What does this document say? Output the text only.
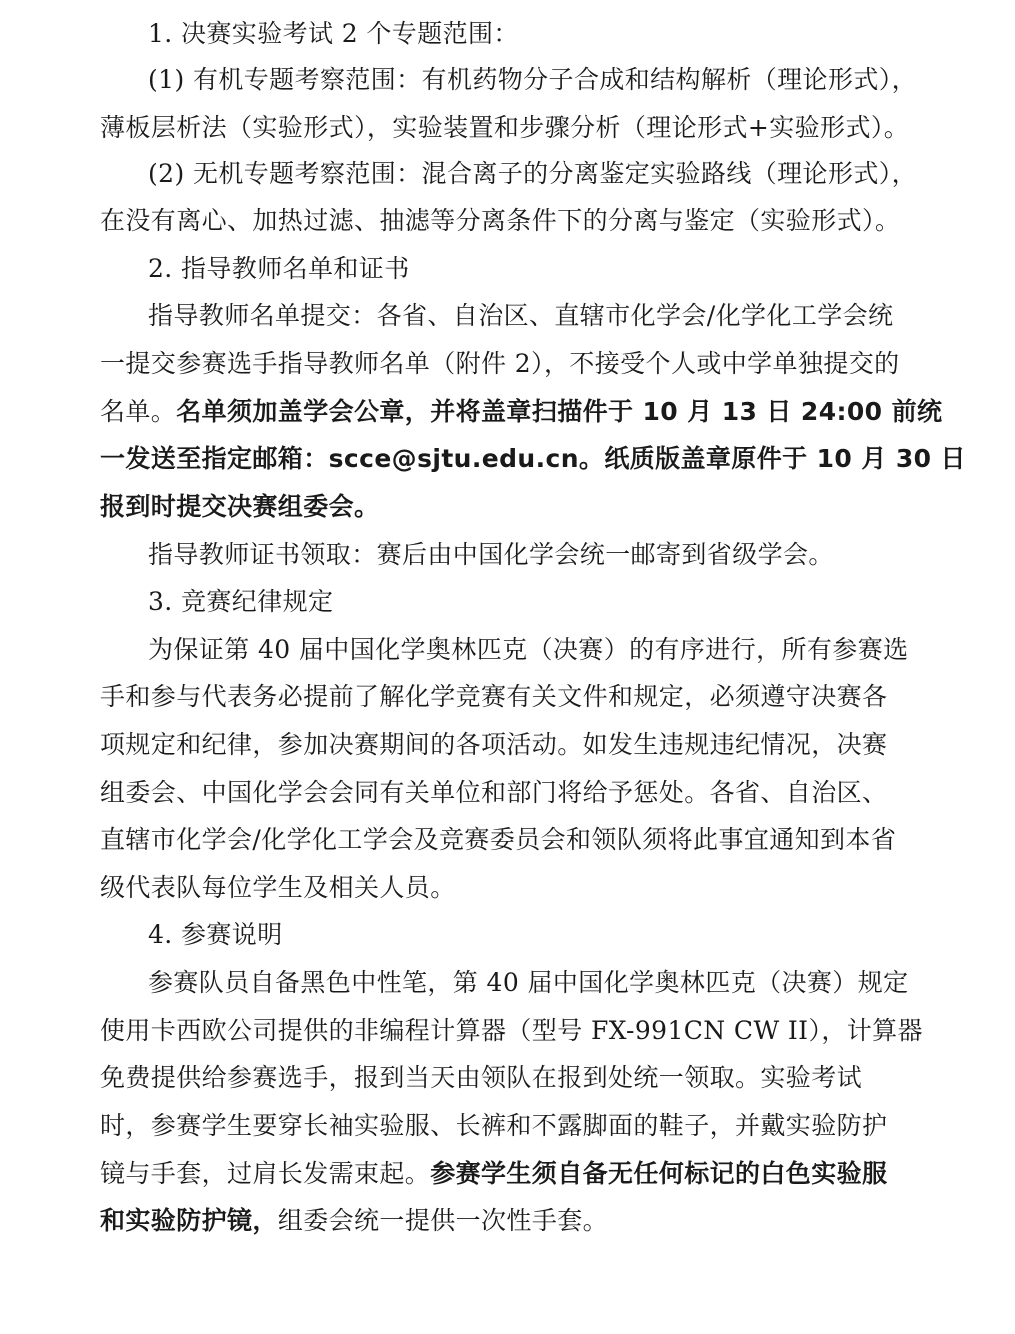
1. 决赛实验考试 2 个专题范围：
(1) 有机专题考察范围：有机药物分子合成和结构解析（理论形式），
薄板层析法（实验形式），实验装置和步骤分析（理论形式+实验形式）。
(2) 无机专题考察范围：混合离子的分离鉴定实验路线（理论形式），
在没有离心、加热过滤、抽滤等分离条件下的分离与鉴定（实验形式）。
2. 指导教师名单和证书
指导教师名单提交：各省、自治区、直辖市化学会/化学化工学会统
一提交参赛选手指导教师名单（附件 2），不接受个人或中学单独提交的
名单。名单须加盖学会公章，并将盖章扫描件于 10 月 13 日 24:00 前统
一发送至指定邮箱：scce@sjtu.edu.cn。纸质版盖章原件于 10 月 30 日
报到时提交决赛组委会。
指导教师证书领取：赛后由中国化学会统一邮寄到省级学会。
3. 竞赛纪律规定
为保证第 40 届中国化学奥林匹克（决赛）的有序进行，所有参赛选
手和参与代表务必提前了解化学竞赛有关文件和规定，必须遵守决赛各
项规定和纪律，参加决赛期间的各项活动。如发生违规违纪情况，决赛
组委会、中国化学会会同有关单位和部门将给予惩处。各省、自治区、
直辖市化学会/化学化工学会及竞赛委员会和领队须将此事宜通知到本省
级代表队每位学生及相关人员。
4. 参赛说明
参赛队员自备黑色中性笔，第 40 届中国化学奥林匹克（决赛）规定
使用卡西欧公司提供的非编程计算器（型号 FX-991CN CW II），计算器
免费提供给参赛选手，报到当天由领队在报到处统一领取。实验考试
时，参赛学生要穿长袖实验服、长裤和不露脚面的鞋子，并戴实验防护
镜与手套，过肩长发需束起。参赛学生须自备无任何标记的白色实验服
和实验防护镜，组委会统一提供一次性手套。
